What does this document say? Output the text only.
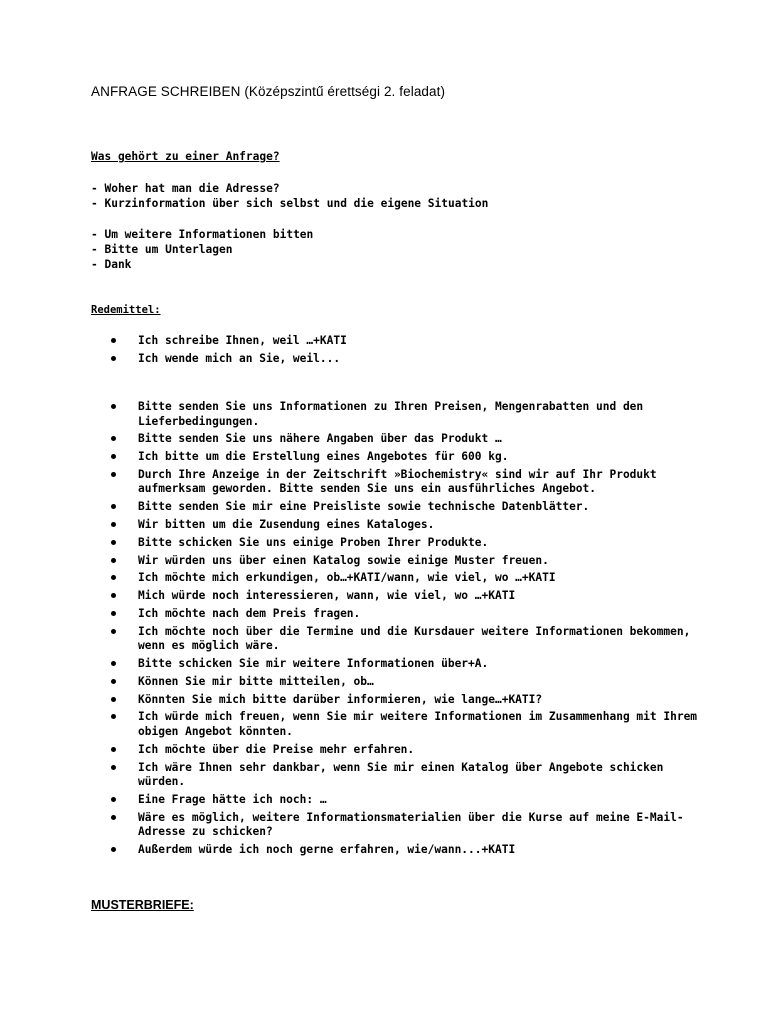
ANFRAGE SCHREIBEN (Középszintű érettségi 2. feladat)
Was gehört zu einer Anfrage?
- Woher hat man die Adresse?
- Kurzinformation über sich selbst und die eigene Situation
- Um weitere Informationen bitten
- Bitte um Unterlagen
- Dank
Redemittel:
Ich schreibe Ihnen, weil …+KATI
Ich wende mich an Sie, weil...
Bitte senden Sie uns Informationen zu Ihren Preisen, Mengenrabatten und den Lieferbedingungen.
Bitte senden Sie uns nähere Angaben über das Produkt …
Ich bitte um die Erstellung eines Angebotes für 600 kg.
Durch Ihre Anzeige in der Zeitschrift »Biochemistry« sind wir auf Ihr Produkt aufmerksam geworden. Bitte senden Sie uns ein ausführliches Angebot.
Bitte senden Sie mir eine Preisliste sowie technische Datenblätter.
Wir bitten um die Zusendung eines Kataloges.
Bitte schicken Sie uns einige Proben Ihrer Produkte.
Wir würden uns über einen Katalog sowie einige Muster freuen.
Ich möchte mich erkundigen, ob…+KATI/wann, wie viel, wo …+KATI
Mich würde noch interessieren, wann, wie viel, wo …+KATI
Ich möchte nach dem Preis fragen.
Ich möchte noch über die Termine und die Kursdauer weitere Informationen bekommen, wenn es möglich wäre.
Bitte schicken Sie mir weitere Informationen über+A.
Können Sie mir bitte mitteilen, ob…
Könnten Sie mich bitte darüber informieren, wie lange…+KATI?
Ich würde mich freuen, wenn Sie mir weitere Informationen im Zusammenhang mit Ihrem obigen Angebot könnten.
Ich möchte über die Preise mehr erfahren.
Ich wäre Ihnen sehr dankbar, wenn Sie mir einen Katalog über Angebote schicken würden.
Eine Frage hätte ich noch: …
Wäre es möglich, weitere Informationsmaterialien über die Kurse auf meine E-Mail-Adresse zu schicken?
Außerdem würde ich noch gerne erfahren, wie/wann...+KATI
MUSTERBRIEFE:
